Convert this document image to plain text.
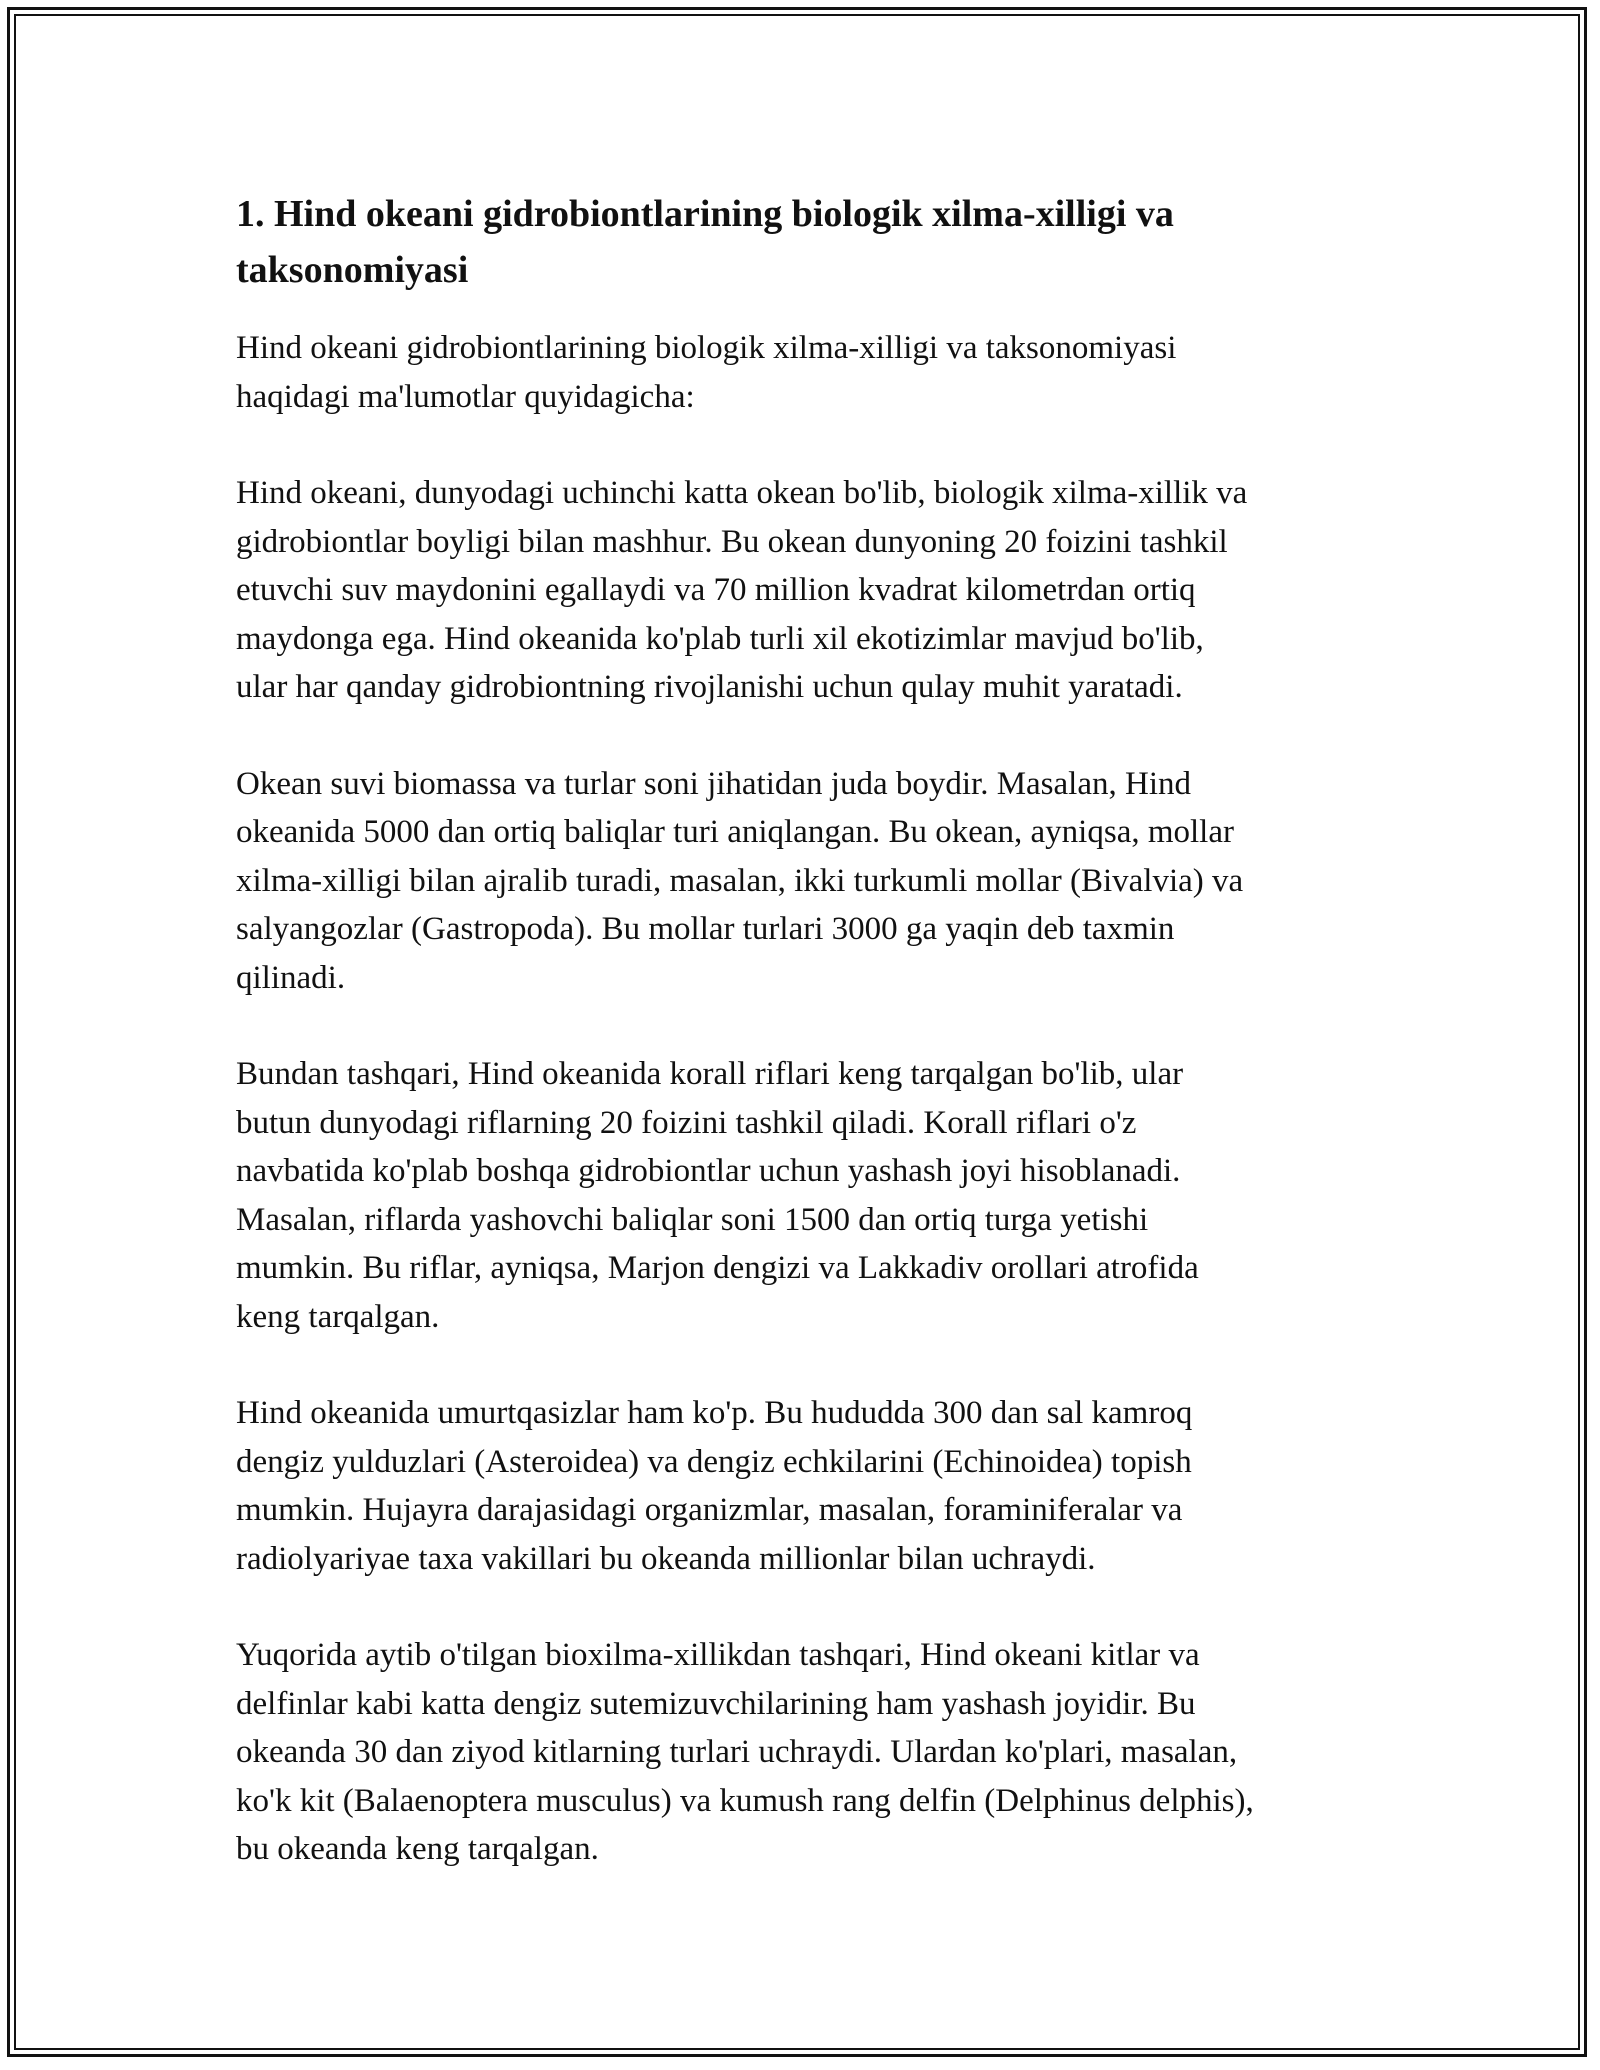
1. Hind okeani gidrobiontlarining biologik xilma-xilligi va
taksonomiyasi

Hind okeani gidrobiontlarining biologik xilma-xilligi va taksonomiyasi
haqidagi ma'lumotlar quyidagicha:

Hind okeani, dunyodagi uchinchi katta okean bo'lib, biologik xilma-xillik va
gidrobiontlar boyligi bilan mashhur. Bu okean dunyoning 20 foizini tashkil
etuvchi suv maydonini egallaydi va 70 million kvadrat kilometrdan ortiq
maydonga ega. Hind okeanida ko'plab turli xil ekotizimlar mavjud bo'lib,
ular har qanday gidrobiontning rivojlanishi uchun qulay muhit yaratadi.

Okean suvi biomassa va turlar soni jihatidan juda boydir. Masalan, Hind
okeanida 5000 dan ortiq baliqlar turi aniqlangan. Bu okean, ayniqsa, mollar
xilma-xilligi bilan ajralib turadi, masalan, ikki turkumli mollar (Bivalvia) va
salyangozlar (Gastropoda). Bu mollar turlari 3000 ga yaqin deb taxmin
qilinadi.

Bundan tashqari, Hind okeanida korall riflari keng tarqalgan bo'lib, ular
butun dunyodagi riflarning 20 foizini tashkil qiladi. Korall riflari o'z
navbatida ko'plab boshqa gidrobiontlar uchun yashash joyi hisoblanadi.
Masalan, riflarda yashovchi baliqlar soni 1500 dan ortiq turga yetishi
mumkin. Bu riflar, ayniqsa, Marjon dengizi va Lakkadiv orollari atrofida
keng tarqalgan.

Hind okeanida umurtqasizlar ham ko'p. Bu hududda 300 dan sal kamroq
dengiz yulduzlari (Asteroidea) va dengiz echkilarini (Echinoidea) topish
mumkin. Hujayra darajasidagi organizmlar, masalan, foraminiferalar va
radiolyariyae taxa vakillari bu okeanda millionlar bilan uchraydi.

Yuqorida aytib o'tilgan bioxilma-xillikdan tashqari, Hind okeani kitlar va
delfinlar kabi katta dengiz sutemizuvchilarining ham yashash joyidir. Bu
okeanda 30 dan ziyod kitlarning turlari uchraydi. Ulardan ko'plari, masalan,
ko'k kit (Balaenoptera musculus) va kumush rang delfin (Delphinus delphis),
bu okeanda keng tarqalgan.
